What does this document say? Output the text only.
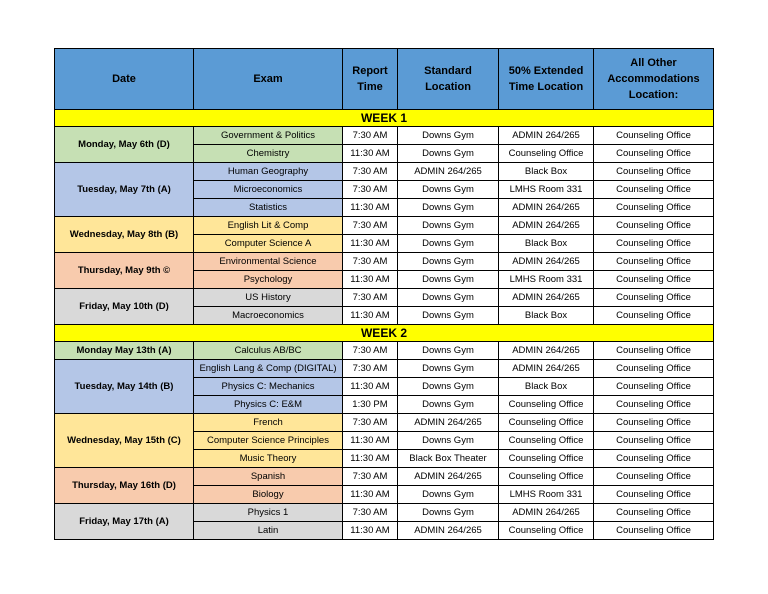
Date	Exam	Report Time	Standard Location	50% Extended Time Location	All Other Accommodations Location:
WEEK 1					
Monday, May 6th (D)	Government & Politics	7:30 AM	Downs Gym	ADMIN 264/265	Counseling Office
	Chemistry	11:30 AM	Downs Gym	Counseling Office	Counseling Office
Tuesday, May 7th (A)	Human Geography	7:30 AM	ADMIN 264/265	Black Box	Counseling Office
	Microeconomics	7:30 AM	Downs Gym	LMHS Room 331	Counseling Office
	Statistics	11:30 AM	Downs Gym	ADMIN 264/265	Counseling Office
Wednesday, May 8th (B)	English Lit & Comp	7:30 AM	Downs Gym	ADMIN 264/265	Counseling Office
	Computer Science A	11:30 AM	Downs Gym	Black Box	Counseling Office
Thursday, May 9th ©	Environmental Science	7:30 AM	Downs Gym	ADMIN 264/265	Counseling Office
	Psychology	11:30 AM	Downs Gym	LMHS Room 331	Counseling Office
Friday, May 10th (D)	US History	7:30 AM	Downs Gym	ADMIN 264/265	Counseling Office
	Macroeconomics	11:30 AM	Downs Gym	Black Box	Counseling Office
WEEK 2					
Monday May 13th (A)	Calculus AB/BC	7:30 AM	Downs Gym	ADMIN 264/265	Counseling Office
Tuesday, May 14th (B)	English Lang & Comp (DIGITAL)	7:30 AM	Downs Gym	ADMIN 264/265	Counseling Office
	Physics C: Mechanics	11:30 AM	Downs Gym	Black Box	Counseling Office
	Physics C: E&M	1:30 PM	Downs Gym	Counseling Office	Counseling Office
Wednesday, May 15th (C)	French	7:30 AM	ADMIN 264/265	Counseling Office	Counseling Office
	Computer Science Principles	11:30 AM	Downs Gym	Counseling Office	Counseling Office
	Music Theory	11:30 AM	Black Box Theater	Counseling Office	Counseling Office
Thursday, May 16th (D)	Spanish	7:30 AM	ADMIN 264/265	Counseling Office	Counseling Office
	Biology	11:30 AM	Downs Gym	LMHS Room 331	Counseling Office
Friday, May 17th (A)	Physics 1	7:30 AM	Downs Gym	ADMIN 264/265	Counseling Office
	Latin	11:30 AM	ADMIN 264/265	Counseling Office	Counseling Office
